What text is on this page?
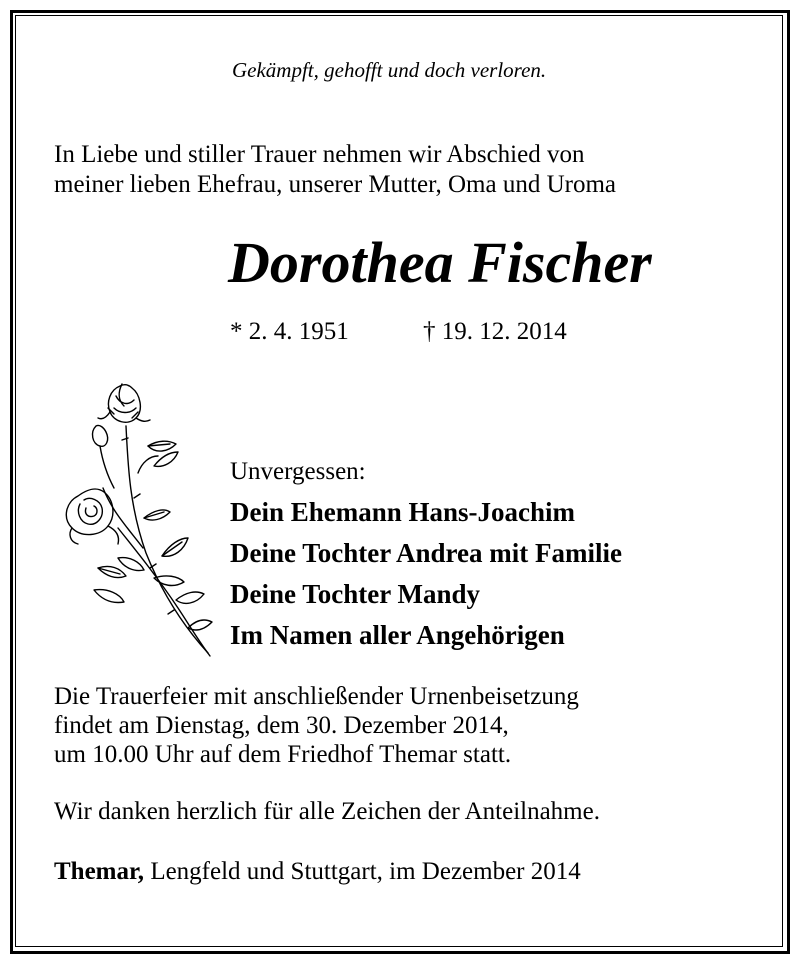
Gekämpft, gehofft und doch verloren.
In Liebe und stiller Trauer nehmen wir Abschied von
meiner lieben Ehefrau, unserer Mutter, Oma und Uroma
Dorothea Fischer
* 2. 4. 1951	† 19. 12. 2014
Unvergessen:
Dein Ehemann Hans-Joachim
Deine Tochter Andrea mit Familie
Deine Tochter Mandy
Im Namen aller Angehörigen
Die Trauerfeier mit anschließender Urnenbeisetzung
findet am Dienstag, dem 30. Dezember 2014,
um 10.00 Uhr auf dem Friedhof Themar statt.
Wir danken herzlich für alle Zeichen der Anteilnahme.
Themar, Lengfeld und Stuttgart, im Dezember 2014
